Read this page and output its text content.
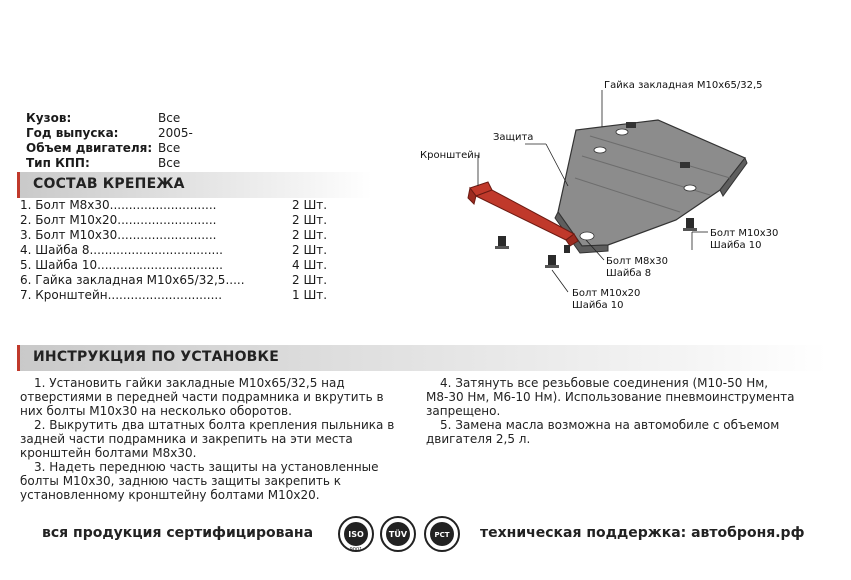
Кузов:	Все
Год выпуска:	2005-
Объем двигателя: Все
Тип КПП:	Все
СОСТАВ КРЕПЕЖА
1. Болт М8х30............................	2 Шт.
2. Болт М10х20..........................	2 Шт.
3. Болт М10х30..........................	2 Шт.
4. Шайба 8...................................	2 Шт.
5. Шайба 10.................................	4 Шт.
6. Гайка закладная М10х65/32,5.....	2 Шт.
7. Кронштейн..............................	1 Шт.
Гайка закладная М10х65/32,5
Защита
Кронштейн
Болт М10х30
Шайба 10
Болт М8х30
Шайба 8
Болт М10х20
Шайба 10
ИНСТРУКЦИЯ ПО УСТАНОВКЕ

1. Установить гайки закладные М10х65/32,5 над

отверстиями в передней части подрамника и вкрутить в

них болты М10х30 на несколько оборотов.

2. Выкрутить два штатных болта крепления пыльника в

задней части подрамника и закрепить на эти места

кронштейн болтами М8х30.

3. Надеть переднюю часть защиты на установленные

болты М10х30, заднюю часть защиты закрепить к

установленному кронштейну болтами М10х20.

4. Затянуть все резьбовые соединения (М10-50 Нм,

М8-30 Нм, М6-10 Нм). Использование пневмоинструмента

запрещено.

5. Замена масла возможна на автомобиле с объемом

двигателя 2,5 л.

вся продукция сертифицирована	ISO
9001
TÜV	РСТ техническая поддержка: автоброня.рф
